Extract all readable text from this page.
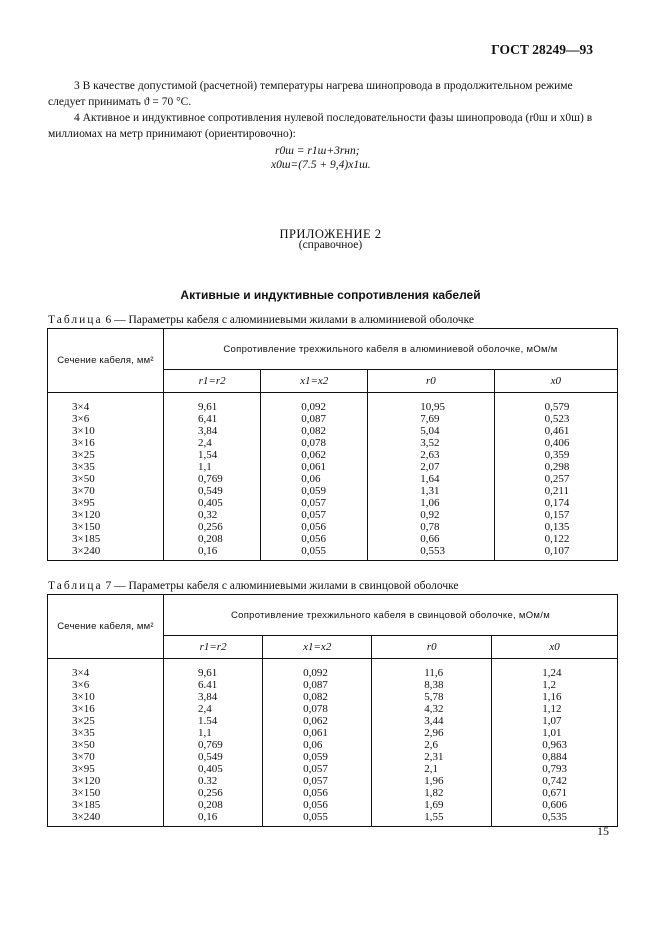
ГОСТ 28249—93
3 В качестве допустимой (расчетной) температуры нагрева шинопровода в продолжительном режиме
следует принимать ϑ = 70 °С.
4 Активное и индуктивное сопротивления нулевой последовательности фазы шинопровода (r0ш и x0ш) в
миллиомах на метр принимают (ориентировочно):
r0ш = r1ш+3rнп;
x0ш=(7.5 + 9,4)x1ш.
ПРИЛОЖЕНИЕ 2
(справочное)
Активные и индуктивные сопротивления кабелей
Таблица 6 — Параметры кабеля с алюминиевыми жилами в алюминиевой оболочке
Сечение кабеля, мм²	Сопротивление трехжильного кабеля в алюминиевой оболочке, мОм/м			
	r1=r2	x1=x2	r0	x0
3×4	9,61	0,092	10,95	0,579
3×6	6,41	0,087	7,69	0,523
3×10	3,84	0,082	5,04	0,461
3×16	2,4	0,078	3,52	0,406
3×25	1,54	0,062	2,63	0,359
3×35	1,1	0,061	2,07	0,298
3×50	0,769	0,06	1,64	0,257
3×70	0,549	0,059	1,31	0,211
3×95	0,405	0,057	1,06	0,174
3×120	0,32	0,057	0,92	0,157
3×150	0,256	0,056	0,78	0,135
3×185	0,208	0,056	0,66	0,122
3×240	0,16	0,055	0,553	0,107
Таблица 7 — Параметры кабеля с алюминиевыми жилами в свинцовой оболочке
Сечение кабеля, мм²	Сопротивление трехжильного кабеля в свинцовой оболочке, мОм/м			
	r1=r2	x1=x2	r0	x0
3×4	9,61	0,092	11,6	1,24
3×6	6.41	0,087	8,38	1,2
3×10	3,84	0,082	5,78	1,16
3×16	2,4	0,078	4,32	1,12
3×25	1.54	0,062	3,44	1,07
3×35	1,1	0,061	2,96	1,01
3×50	0,769	0,06	2,6	0,963
3×70	0,549	0,059	2,31	0,884
3×95	0,405	0,057	2,1	0,793
3×120	0.32	0,057	1,96	0,742
3×150	0,256	0,056	1,82	0,671
3×185	0,208	0,056	1,69	0,606
3×240	0,16	0,055	1,55	0,535
15
